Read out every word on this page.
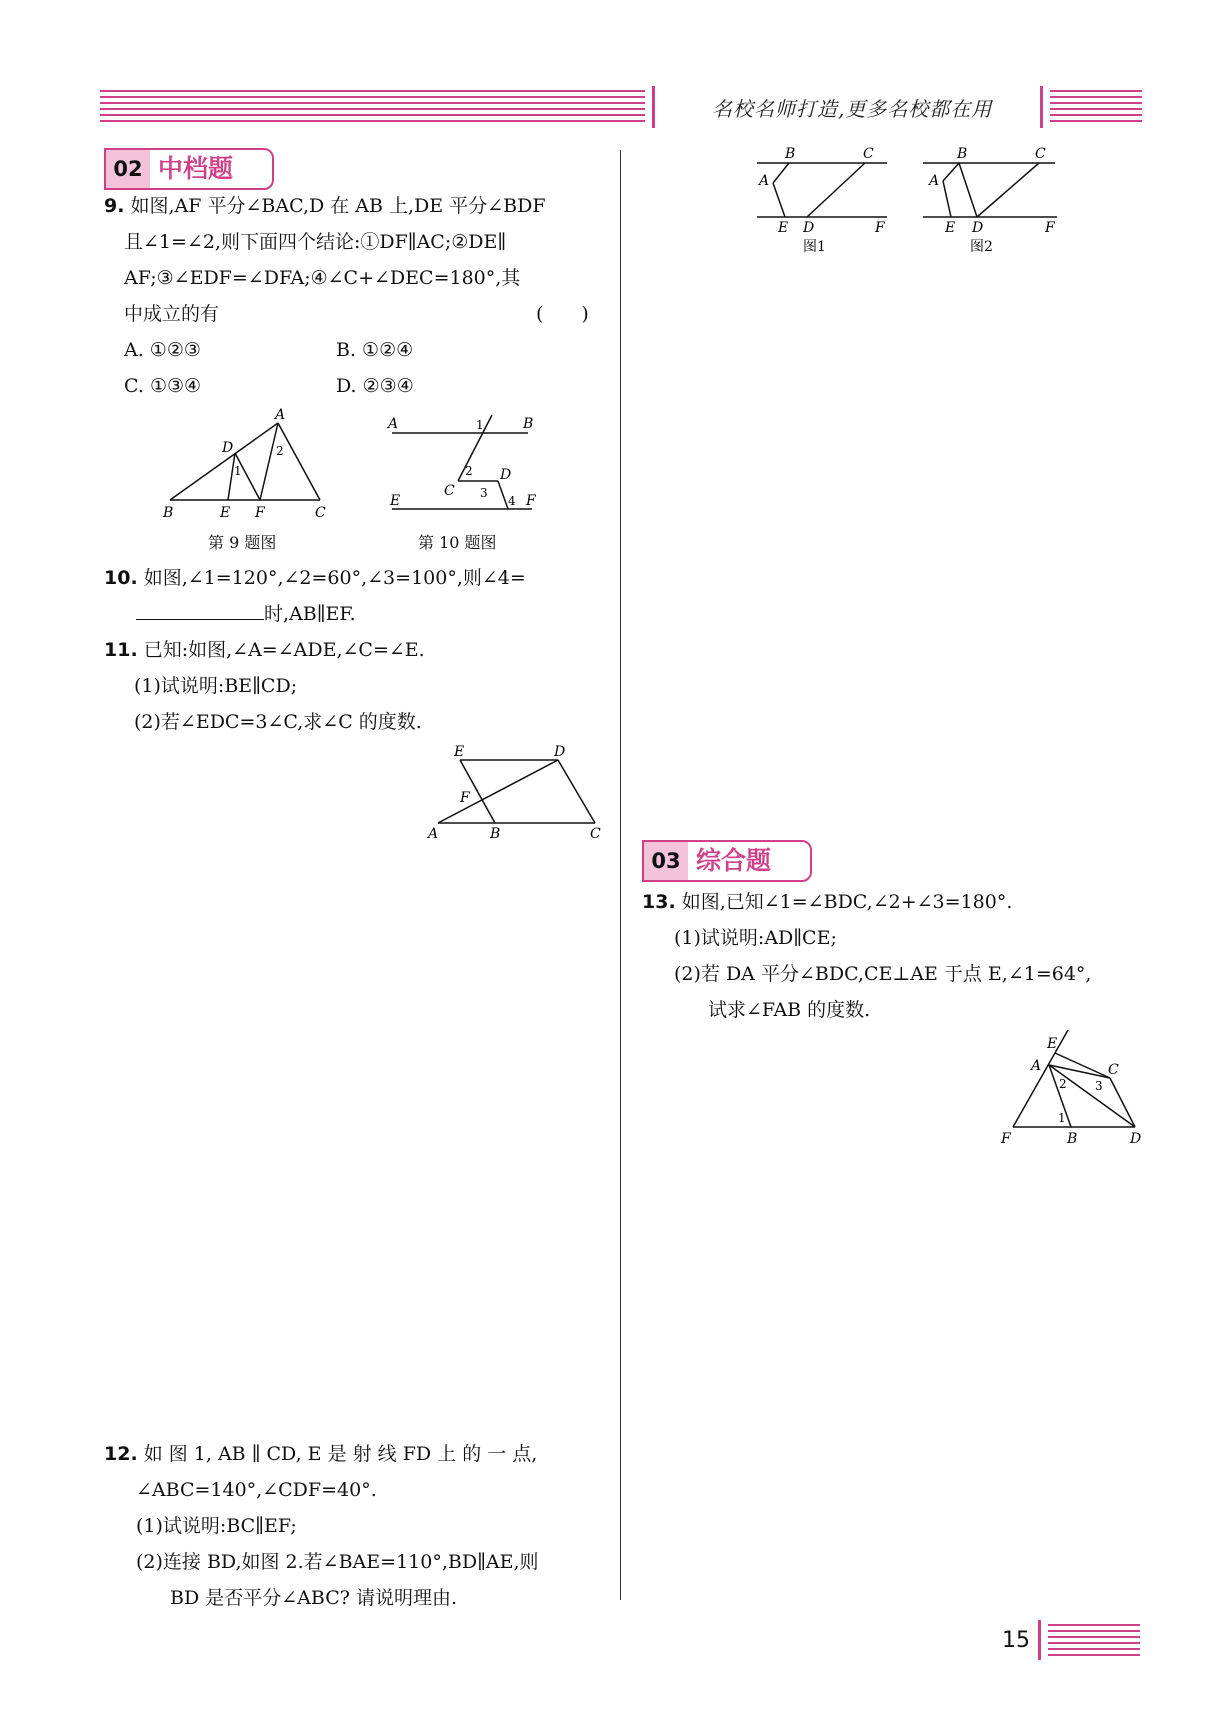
名校名师打造,更多名校都在用
02 中档题
9. 如图,AF 平分∠BAC,D 在 AB 上,DE 平分∠BDF
且∠1=∠2,则下面四个结论:①DF∥AC;②DE∥
AF;③∠EDF=∠DFA;④∠C+∠DEC=180°,其
中成立的有	(　　)
A. ①②③	B. ①②④
C. ①③④	D. ②③④
A
D
B	E F	C
1
2
第 9 题图
A	B
C
D
E	F
1
2
3
4
第 10 题图
10. 如图,∠1=120°,∠2=60°,∠3=100°,则∠4=
时,AB∥EF.
11. 已知:如图,∠A=∠ADE,∠C=∠E.
(1)试说明:BE∥CD;
(2)若∠EDC=3∠C,求∠C 的度数.
E	D
F
A	B	C
12. 如 图 1, AB ∥ CD, E 是 射 线 FD 上 的 一 点,
∠ABC=140°,∠CDF=40°.
(1)试说明:BC∥EF;
(2)连接 BD,如图 2.若∠BAE=110°,BD∥AE,则
BD 是否平分∠ABC? 请说明理由.
B	C
A
E D	F
图1
B	C
A
E D	F
图2
03 综合题
13. 如图,已知∠1=∠BDC,∠2+∠3=180°.
(1)试说明:AD∥CE;
(2)若 DA 平分∠BDC,CE⊥AE 于点 E,∠1=64°,
试求∠FAB 的度数.
E
A	C
F	B	D
1
2 3
15
